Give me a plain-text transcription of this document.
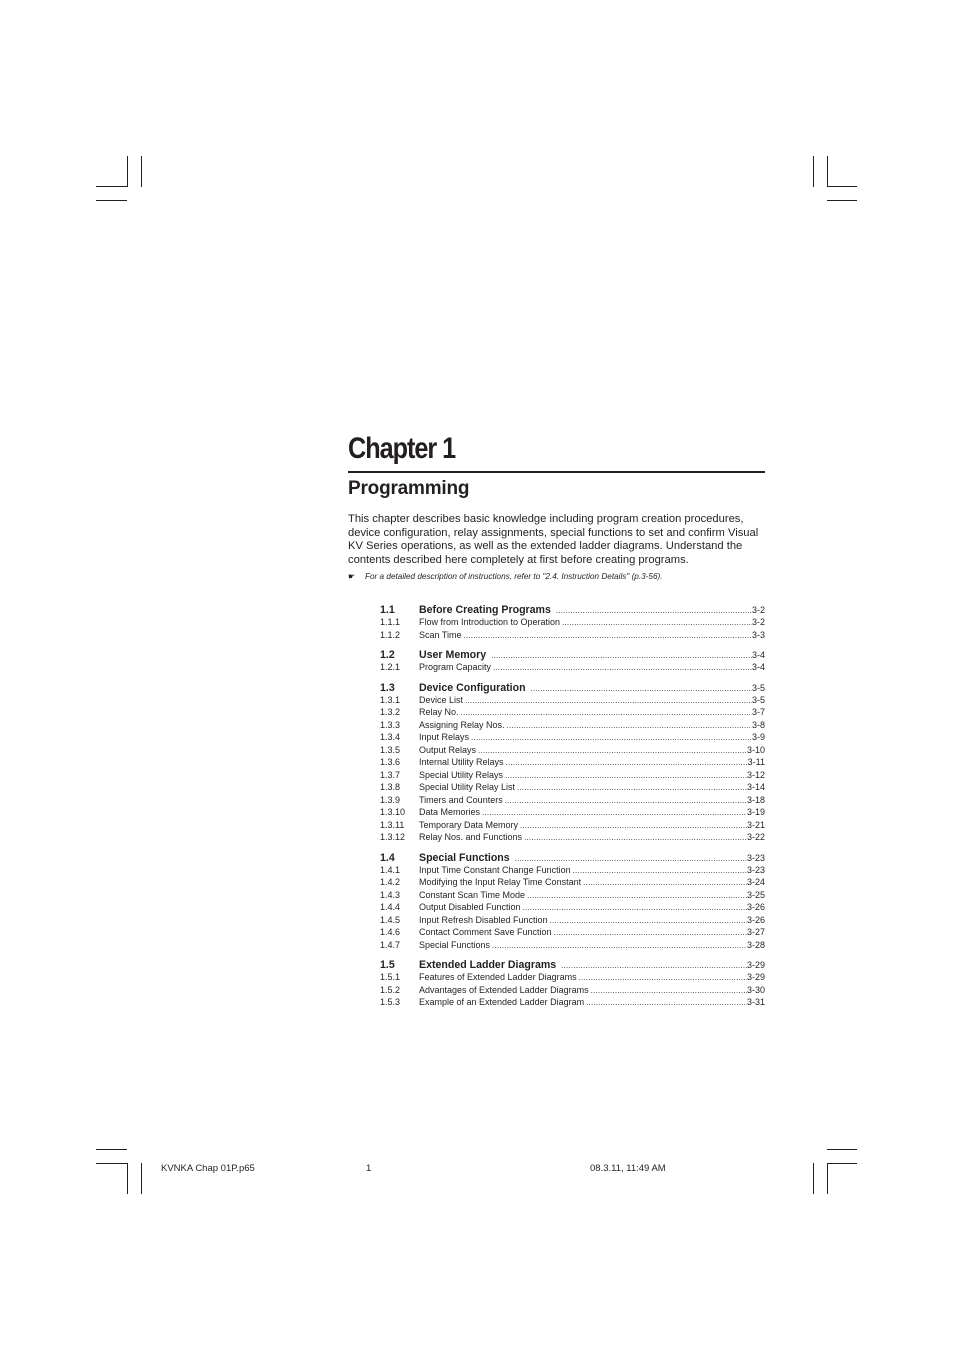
Chapter 1
Programming
This chapter describes basic knowledge including program creation procedures,
device configuration, relay assignments, special functions to set and confirm Visual
KV Series operations, as well as the extended ladder diagrams. Understand the
contents described here completely at first before creating programs.
☛ For a detailed description of instructions, refer to "2.4. Instruction Details" (p.3-56).
1.1	Before Creating Programs .....	3-2
1.1.1	Flow from Introduction to Operation .....	3-2
1.1.2	Scan Time .....	3-3
1.2	User Memory .....	3-4
1.2.1	Program Capacity .....	3-4
1.3	Device Configuration .....	3-5
1.3.1	Device List .....	3-5
1.3.2	Relay No. .....	3-7
1.3.3	Assigning Relay Nos. .....	3-8
1.3.4	Input Relays .....	3-9
1.3.5	Output Relays .....	3-10
1.3.6	Internal Utility Relays .....	3-11
1.3.7	Special Utility Relays .....	3-12
1.3.8	Special Utility Relay List .....	3-14
1.3.9	Timers and Counters .....	3-18
1.3.10	Data Memories .....	3-19
1.3.11	Temporary Data Memory .....	3-21
1.3.12	Relay Nos. and Functions .....	3-22
1.4	Special Functions .....	3-23
1.4.1	Input Time Constant Change Function .....	3-23
1.4.2	Modifying the Input Relay Time Constant .....	3-24
1.4.3	Constant Scan Time Mode .....	3-25
1.4.4	Output Disabled Function .....	3-26
1.4.5	Input Refresh Disabled Function .....	3-26
1.4.6	Contact Comment Save Function .....	3-27
1.4.7	Special Functions .....	3-28
1.5	Extended Ladder Diagrams .....	3-29
1.5.1	Features of Extended Ladder Diagrams .....	3-29
1.5.2	Advantages of Extended Ladder Diagrams .....	3-30
1.5.3	Example of an Extended Ladder Diagram .....	3-31
KVNKA Chap 01P.p65	1	08.3.11, 11:49 AM
